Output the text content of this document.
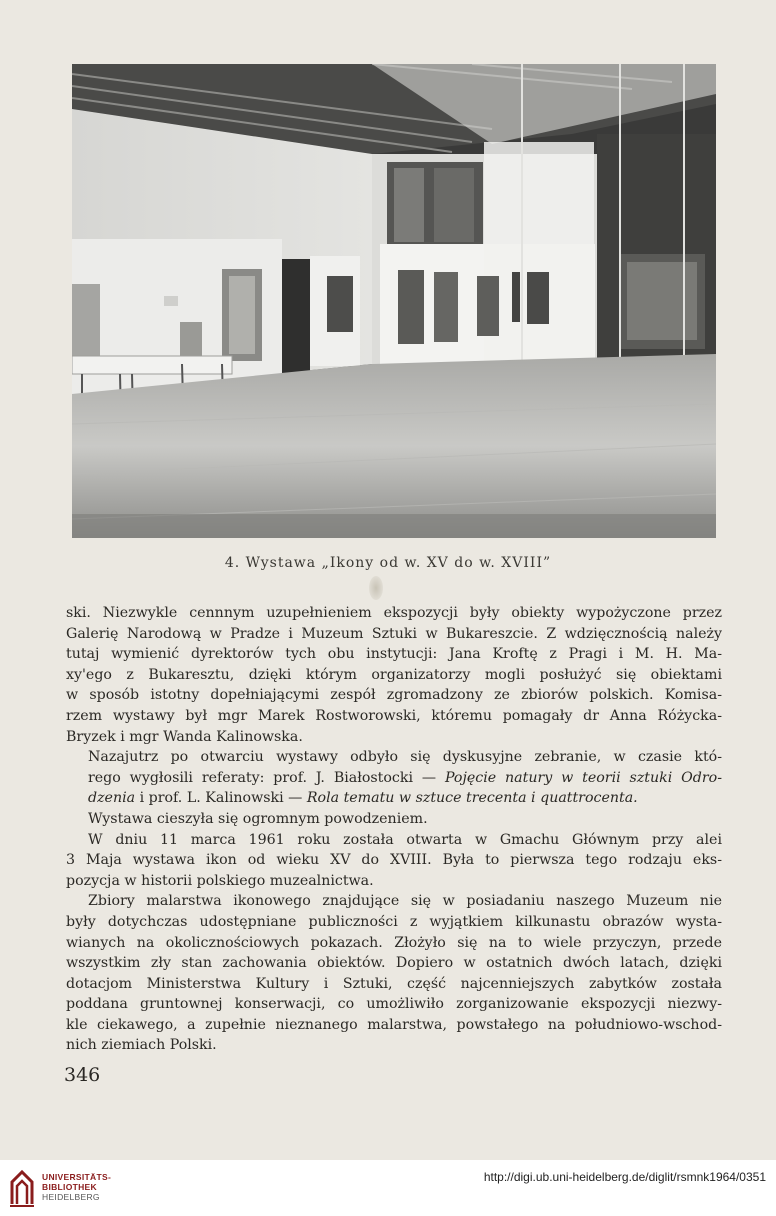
4. Wystawa „Ikony od w. XV do w. XVIII”

ski. Niezwykle cennnym uzupełnieniem ekspozycji były obiekty wypożyczone przez
Galerię Narodową w Pradze i Muzeum Sztuki w Bukareszcie. Z wdzięcznością należy
tutaj wymienić dyrektorów tych obu instytucji: Jana Kroftę z Pragi i M. H. Ma-
xy'ego z Bukaresztu, dzięki którym organizatorzy mogli posłużyć się obiektami
w sposób istotny dopełniającymi zespół zgromadzony ze zbiorów polskich. Komisa-
rzem wystawy był mgr Marek Rostworowski, któremu pomagały dr Anna Różycka-
Bryzek i mgr Wanda Kalinowska.

Nazajutrz po otwarciu wystawy odbyło się dyskusyjne zebranie, w czasie któ-
rego wygłosili referaty: prof. J. Białostocki — Pojęcie natury w teorii sztuki Odro-
dzenia i prof. L. Kalinowski — Rola tematu w sztuce trecenta i quattrocenta.

Wystawa cieszyła się ogromnym powodzeniem.

W dniu 11 marca 1961 roku została otwarta w Gmachu Głównym przy alei
3 Maja wystawa ikon od wieku XV do XVIII. Była to pierwsza tego rodzaju eks-
pozycja w historii polskiego muzealnictwa.

Zbiory malarstwa ikonowego znajdujące się w posiadaniu naszego Muzeum nie
były dotychczas udostępniane publiczności z wyjątkiem kilkunastu obrazów wysta-
wianych na okolicznościowych pokazach. Złożyło się na to wiele przyczyn, przede
wszystkim zły stan zachowania obiektów. Dopiero w ostatnich dwóch latach, dzięki
dotacjom Ministerstwa Kultury i Sztuki, część najcenniejszych zabytków została
poddana gruntownej konserwacji, co umożliwiło zorganizowanie ekspozycji niezwy-
kle ciekawego, a zupełnie nieznanego malarstwa, powstałego na południowo-wschod-
nich ziemiach Polski.

346
UNIVERSITÄTS-
BIBLIOTHEK
HEIDELBERG
http://digi.ub.uni-heidelberg.de/diglit/rsmnk1964/0351
